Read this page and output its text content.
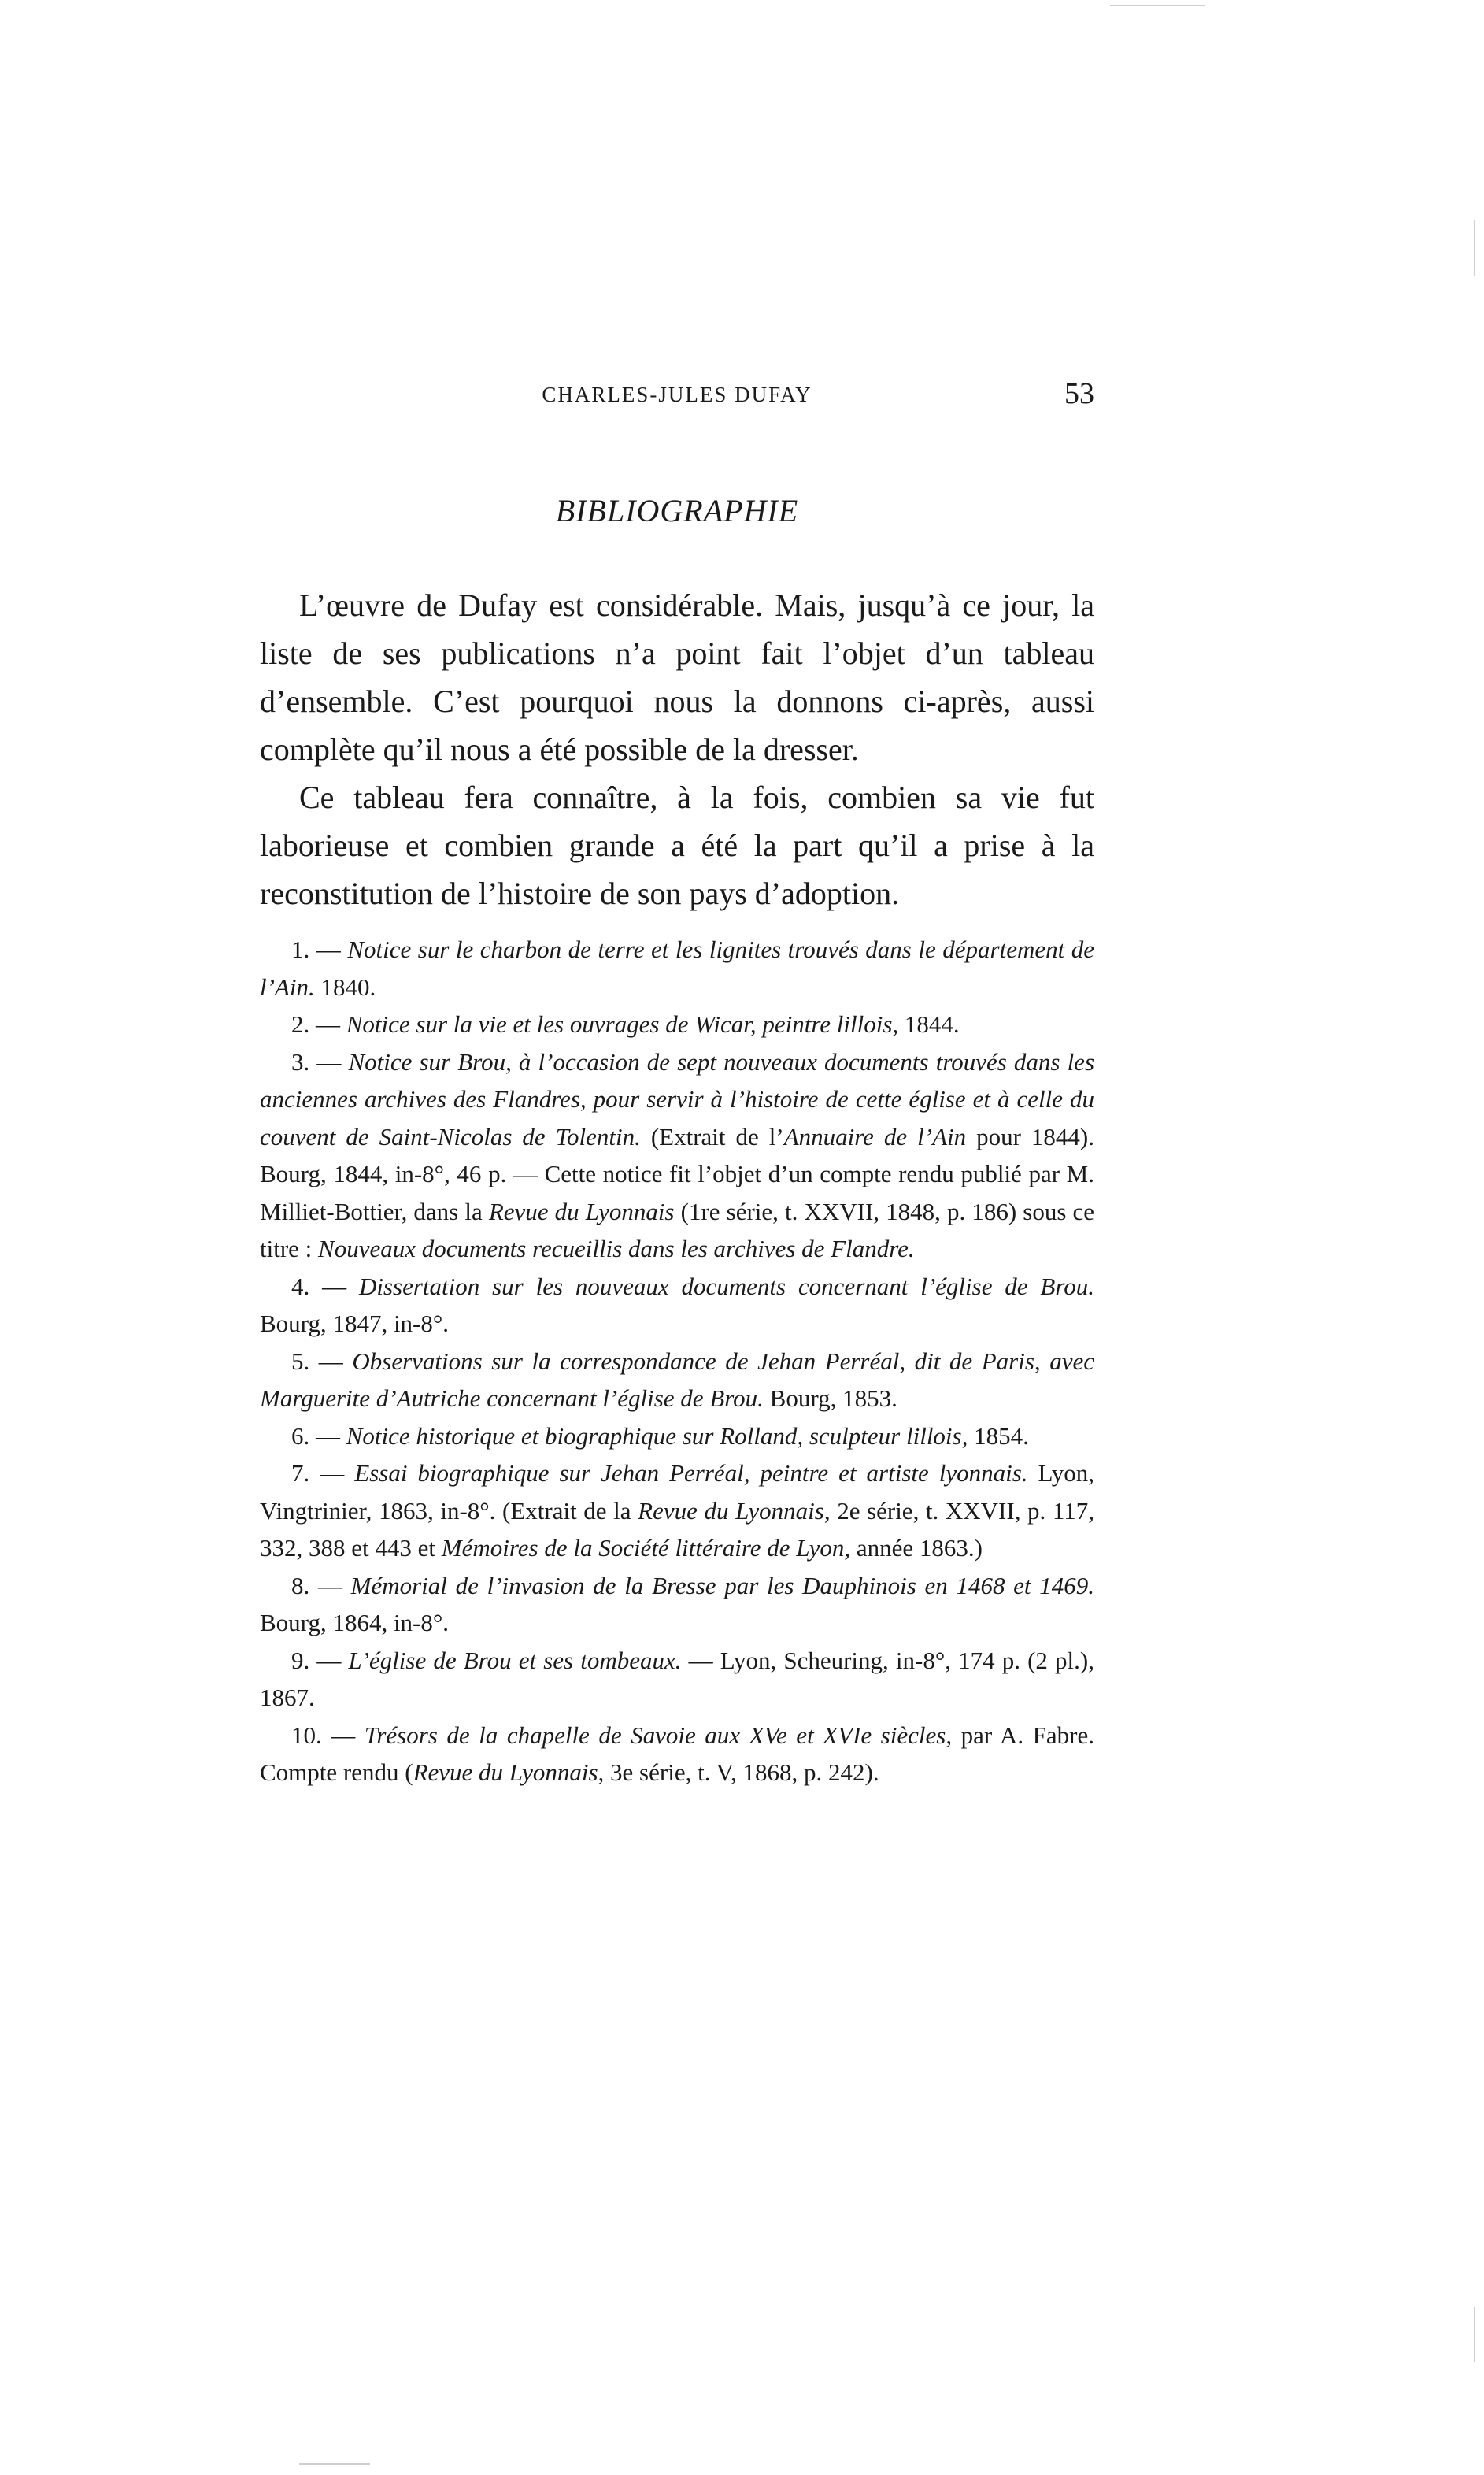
CHARLES-JULES DUFAY	53
BIBLIOGRAPHIE

L’œuvre de Dufay est considérable. Mais, jusqu’à ce jour, la liste de ses publications n’a point fait l’objet d’un tableau d’ensemble. C’est pourquoi nous la donnons ci-après, aussi complète qu’il nous a été possible de la dresser.

Ce tableau fera connaître, à la fois, combien sa vie fut laborieuse et combien grande a été la part qu’il a prise à la reconstitution de l’histoire de son pays d’adoption.

1. — Notice sur le charbon de terre et les lignites trouvés dans le département de l’Ain. 1840.

2. — Notice sur la vie et les ouvrages de Wicar, peintre lillois, 1844.

3. — Notice sur Brou, à l’occasion de sept nouveaux documents trouvés dans les anciennes archives des Flandres, pour servir à l’histoire de cette église et à celle du couvent de Saint-Nicolas de Tolentin. (Extrait de l’Annuaire de l’Ain pour 1844). Bourg, 1844, in-8°, 46 p. — Cette notice fit l’objet d’un compte rendu publié par M. Milliet-Bottier, dans la Revue du Lyonnais (1re série, t. XXVII, 1848, p. 186) sous ce titre : Nouveaux documents recueillis dans les archives de Flandre.

4. — Dissertation sur les nouveaux documents concernant l’église de Brou. Bourg, 1847, in-8°.

5. — Observations sur la correspondance de Jehan Perréal, dit de Paris, avec Marguerite d’Autriche concernant l’église de Brou. Bourg, 1853.

6. — Notice historique et biographique sur Rolland, sculpteur lillois, 1854.

7. — Essai biographique sur Jehan Perréal, peintre et artiste lyonnais. Lyon, Vingtrinier, 1863, in-8°. (Extrait de la Revue du Lyonnais, 2e série, t. XXVII, p. 117, 332, 388 et 443 et Mémoires de la Société littéraire de Lyon, année 1863.)

8. — Mémorial de l’invasion de la Bresse par les Dauphinois en 1468 et 1469. Bourg, 1864, in-8°.

9. — L’église de Brou et ses tombeaux. — Lyon, Scheuring, in-8°, 174 p. (2 pl.), 1867.

10. — Trésors de la chapelle de Savoie aux XVe et XVIe siècles, par A. Fabre. Compte rendu (Revue du Lyonnais, 3e série, t. V, 1868, p. 242).
